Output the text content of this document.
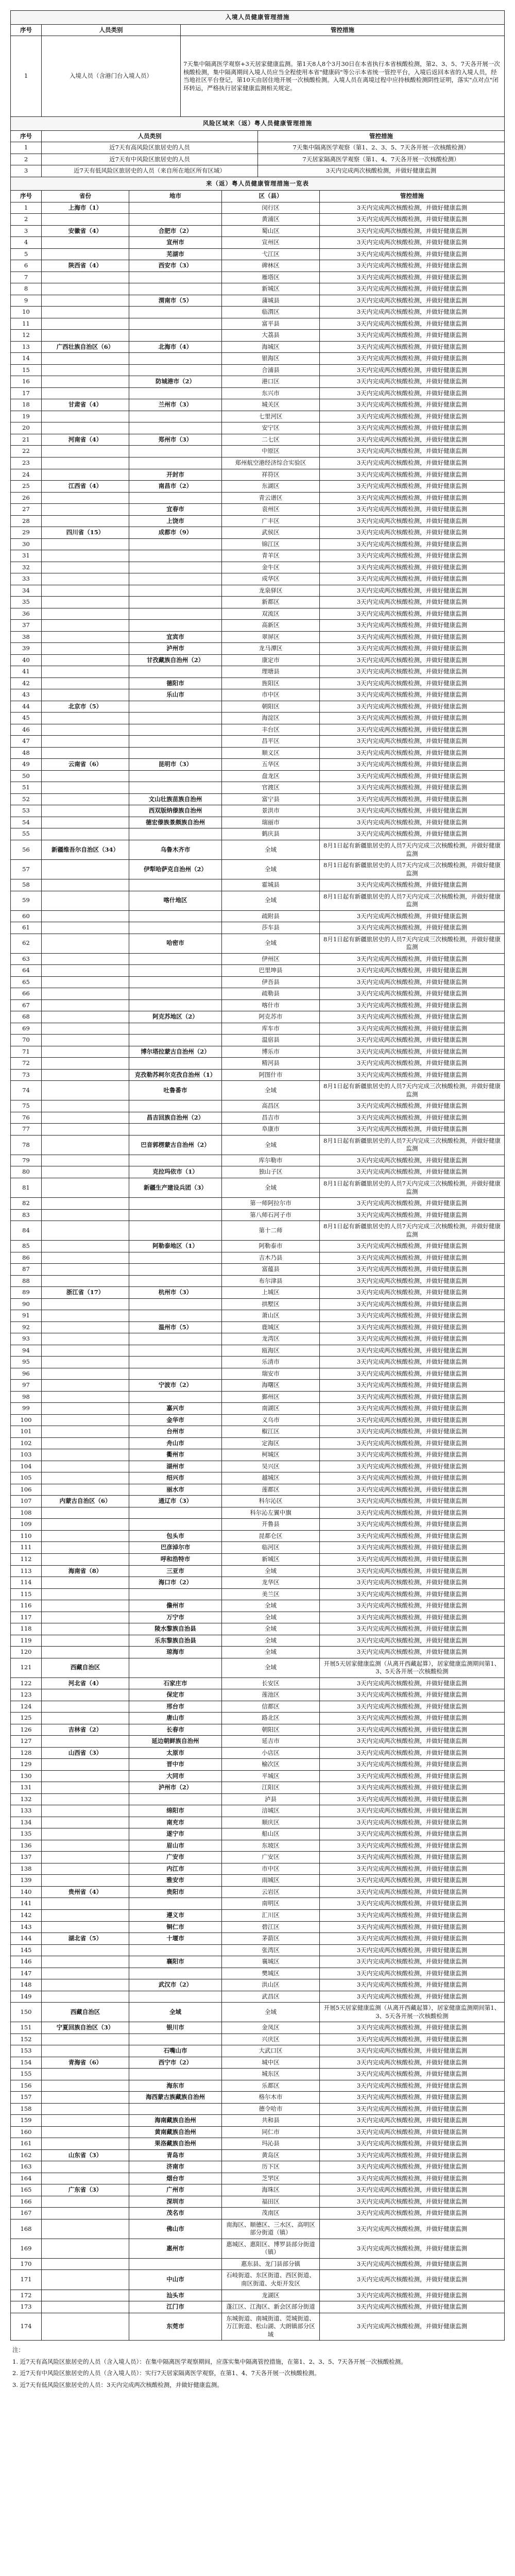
入境人员健康管理措施		
序号	人员类别	管控措施
1	入境人员（含港门台入境人员）	7天集中隔离医学观察+3天居家健康监测。第1天8人8个3月30日在本省执行本省核酸检测，第2、3、5、7天各开展一次核酸检测，集中隔离期间入境人员应当全程使用本省"健康码"等公示本省统一管控平台，入境后返回本省的入境人员，经当地社区平台登记，第10天由居住地开展一次核酸检测。入境人员在离境过程中应持核酸检测阴性证明，落实"点对点"闭环转运，严格执行居家健康监测相关规定。
风险区域来（返）粤人员健康管理措施		
序号	人员类别	管控措施
1	近7天有高风险区旅居史的人员	7天集中隔离医学观察（第1、2、3、5、7天各开展一次核酸检测）
2	近7天有中风险区旅居史的人员	7天居家隔离医学观察（第1、4、7天各开展一次核酸检测）
3	近7天有低风险区旅居史的人员（来自所在地区所有区域）	3天内完成两次核酸检测，并做好健康监测
来（返）粤人员健康管理措施一览表				
序号	省份	地市	区（县）	管控措施
1	上海市（1）		闵行区	3天内完成两次核酸检测，并做好健康监测
2			黄浦区	3天内完成两次核酸检测，并做好健康监测
3	安徽省（4）	合肥市（2）	蜀山区	3天内完成两次核酸检测，并做好健康监测
4		宣州市	宣州区	3天内完成两次核酸检测，并做好健康监测
5		芜湖市	弋江区	3天内完成两次核酸检测，并做好健康监测
6	陕西省（4）	西安市（3）	碑林区	3天内完成两次核酸检测，并做好健康监测
7			雁塔区	3天内完成两次核酸检测，并做好健康监测
8			新城区	3天内完成两次核酸检测，并做好健康监测
9		渭南市（5）	蒲城县	3天内完成两次核酸检测，并做好健康监测
10			临渭区	3天内完成两次核酸检测，并做好健康监测
11			富平县	3天内完成两次核酸检测，并做好健康监测
12			大荔县	3天内完成两次核酸检测，并做好健康监测
13	广西壮族自治区（6）	北海市（4）	海城区	3天内完成两次核酸检测，并做好健康监测
14			银海区	3天内完成两次核酸检测，并做好健康监测
15			合浦县	3天内完成两次核酸检测，并做好健康监测
16		防城港市（2）	港口区	3天内完成两次核酸检测，并做好健康监测
17			东兴市	3天内完成两次核酸检测，并做好健康监测
18	甘肃省（4）	兰州市（3）	城关区	3天内完成两次核酸检测，并做好健康监测
19			七里河区	3天内完成两次核酸检测，并做好健康监测
20			安宁区	3天内完成两次核酸检测，并做好健康监测
21	河南省（4）	郑州市（3）	二七区	3天内完成两次核酸检测，并做好健康监测
22			中原区	3天内完成两次核酸检测，并做好健康监测
23			郑州航空港经济综合实验区	3天内完成两次核酸检测，并做好健康监测
24		开封市	祥符区	3天内完成两次核酸检测，并做好健康监测
25	江西省（4）	南昌市（2）	东湖区	3天内完成两次核酸检测，并做好健康监测
26			青云谱区	3天内完成两次核酸检测，并做好健康监测
27		宜春市	袁州区	3天内完成两次核酸检测，并做好健康监测
28		上饶市	广丰区	3天内完成两次核酸检测，并做好健康监测
29	四川省（15）	成都市（9）	武侯区	3天内完成两次核酸检测，并做好健康监测
30			锦江区	3天内完成两次核酸检测，并做好健康监测
31			青羊区	3天内完成两次核酸检测，并做好健康监测
32			金牛区	3天内完成两次核酸检测，并做好健康监测
33			成华区	3天内完成两次核酸检测，并做好健康监测
34			龙泉驿区	3天内完成两次核酸检测，并做好健康监测
35			新都区	3天内完成两次核酸检测，并做好健康监测
36			双流区	3天内完成两次核酸检测，并做好健康监测
37			高新区	3天内完成两次核酸检测，并做好健康监测
38		宜宾市	翠屏区	3天内完成两次核酸检测，并做好健康监测
39		泸州市	龙马潭区	3天内完成两次核酸检测，并做好健康监测
40		甘孜藏族自治州（2）	康定市	3天内完成两次核酸检测，并做好健康监测
41			理塘县	3天内完成两次核酸检测，并做好健康监测
42		德阳市	旌阳区	3天内完成两次核酸检测，并做好健康监测
43		乐山市	市中区	3天内完成两次核酸检测，并做好健康监测
44	北京市（5）		朝阳区	3天内完成两次核酸检测，并做好健康监测
45			海淀区	3天内完成两次核酸检测，并做好健康监测
46			丰台区	3天内完成两次核酸检测，并做好健康监测
47			昌平区	3天内完成两次核酸检测，并做好健康监测
48			顺义区	3天内完成两次核酸检测，并做好健康监测
49	云南省（6）	昆明市（3）	五华区	3天内完成两次核酸检测，并做好健康监测
50			盘龙区	3天内完成两次核酸检测，并做好健康监测
51			官渡区	3天内完成两次核酸检测，并做好健康监测
52		文山壮族苗族自治州	富宁县	3天内完成两次核酸检测，并做好健康监测
53		西双版纳傣族自治州	景洪市	3天内完成两次核酸检测，并做好健康监测
54		德宏傣族景颇族自治州	瑞丽市	3天内完成两次核酸检测，并做好健康监测
55			鹤庆县	3天内完成两次核酸检测，并做好健康监测
56	新疆维吾尔自治区（34）	乌鲁木齐市	全域	8月1日起有新疆旅居史的人员7天内完成三次核酸检测，并做好健康监测
57		伊犁哈萨克自治州（2）	全域	8月1日起有新疆旅居史的人员7天内完成三次核酸检测，并做好健康监测
58			霍城县	3天内完成两次核酸检测，并做好健康监测
59		喀什地区	全域	8月1日起有新疆旅居史的人员7天内完成三次核酸检测，并做好健康监测
60			疏附县	3天内完成两次核酸检测，并做好健康监测
61			莎车县	3天内完成两次核酸检测，并做好健康监测
62		哈密市	全域	8月1日起有新疆旅居史的人员7天内完成三次核酸检测，并做好健康监测
63			伊州区	3天内完成两次核酸检测，并做好健康监测
64			巴里坤县	3天内完成两次核酸检测，并做好健康监测
65			伊吾县	3天内完成两次核酸检测，并做好健康监测
66			疏勒县	3天内完成两次核酸检测，并做好健康监测
67			喀什市	3天内完成两次核酸检测，并做好健康监测
68		阿克苏地区（2）	阿克苏市	3天内完成两次核酸检测，并做好健康监测
69			库车市	3天内完成两次核酸检测，并做好健康监测
70			温宿县	3天内完成两次核酸检测，并做好健康监测
71		博尔塔拉蒙古自治州（2）	博乐市	3天内完成两次核酸检测，并做好健康监测
72			精河县	3天内完成两次核酸检测，并做好健康监测
73		克孜勒苏柯尔克孜自治州（1）	阿图什市	3天内完成两次核酸检测，并做好健康监测
74		吐鲁番市	全域	8月1日起有新疆旅居史的人员7天内完成三次核酸检测，并做好健康监测
75			高昌区	3天内完成两次核酸检测，并做好健康监测
76		昌吉回族自治州（2）	昌吉市	3天内完成两次核酸检测，并做好健康监测
77			阜康市	3天内完成两次核酸检测，并做好健康监测
78		巴音郭楞蒙古自治州（2）	全域	8月1日起有新疆旅居史的人员7天内完成三次核酸检测，并做好健康监测
79			库尔勒市	3天内完成两次核酸检测，并做好健康监测
80		克拉玛依市（1）	独山子区	3天内完成两次核酸检测，并做好健康监测
81		新疆生产建设兵团（3）	全域	8月1日起有新疆旅居史的人员7天内完成三次核酸检测，并做好健康监测
82			第一师阿拉尔市	3天内完成两次核酸检测，并做好健康监测
83			第八师石河子市	3天内完成两次核酸检测，并做好健康监测
84			第十二师	8月1日起有新疆旅居史的人员7天内完成三次核酸检测，并做好健康监测
85		阿勒泰地区（1）	阿勒泰市	3天内完成两次核酸检测，并做好健康监测
86			吉木乃县	3天内完成两次核酸检测，并做好健康监测
87			富蕴县	3天内完成两次核酸检测，并做好健康监测
88			布尔津县	3天内完成两次核酸检测，并做好健康监测
89	浙江省（17）	杭州市（3）	上城区	3天内完成两次核酸检测，并做好健康监测
90			拱墅区	3天内完成两次核酸检测，并做好健康监测
91			萧山区	3天内完成两次核酸检测，并做好健康监测
92		温州市（5）	鹿城区	3天内完成两次核酸检测，并做好健康监测
93			龙湾区	3天内完成两次核酸检测，并做好健康监测
94			瓯海区	3天内完成两次核酸检测，并做好健康监测
95			乐清市	3天内完成两次核酸检测，并做好健康监测
96			瑞安市	3天内完成两次核酸检测，并做好健康监测
97		宁波市（2）	海曙区	3天内完成两次核酸检测，并做好健康监测
98			鄞州区	3天内完成两次核酸检测，并做好健康监测
99		嘉兴市	南湖区	3天内完成两次核酸检测，并做好健康监测
100		金华市	义乌市	3天内完成两次核酸检测，并做好健康监测
101		台州市	椒江区	3天内完成两次核酸检测，并做好健康监测
102		舟山市	定海区	3天内完成两次核酸检测，并做好健康监测
103		衢州市	柯城区	3天内完成两次核酸检测，并做好健康监测
104		湖州市	吴兴区	3天内完成两次核酸检测，并做好健康监测
105		绍兴市	越城区	3天内完成两次核酸检测，并做好健康监测
106		丽水市	莲都区	3天内完成两次核酸检测，并做好健康监测
107	内蒙古自治区（6）	通辽市（3）	科尔沁区	3天内完成两次核酸检测，并做好健康监测
108			科尔沁左翼中旗	3天内完成两次核酸检测，并做好健康监测
109			开鲁县	3天内完成两次核酸检测，并做好健康监测
110		包头市	昆都仑区	3天内完成两次核酸检测，并做好健康监测
111		巴彦淖尔市	临河区	3天内完成两次核酸检测，并做好健康监测
112		呼和浩特市	新城区	3天内完成两次核酸检测，并做好健康监测
113	海南省（8）	三亚市	全域	3天内完成两次核酸检测，并做好健康监测
114		海口市（2）	龙华区	3天内完成两次核酸检测，并做好健康监测
115			美兰区	3天内完成两次核酸检测，并做好健康监测
116		儋州市	全域	3天内完成两次核酸检测，并做好健康监测
117		万宁市	全域	3天内完成两次核酸检测，并做好健康监测
118		陵水黎族自治县	全域	3天内完成两次核酸检测，并做好健康监测
119		乐东黎族自治县	全域	3天内完成两次核酸检测，并做好健康监测
120		琼海市	全域	3天内完成两次核酸检测，并做好健康监测
121	西藏自治区		全域	开展5天居家健康监测（从离开西藏起算），居家健康监测期间第1、3、5天各开展一次核酸检测
122	河北省（4）	石家庄市	长安区	3天内完成两次核酸检测，并做好健康监测
123		保定市	莲池区	3天内完成两次核酸检测，并做好健康监测
124		邢台市	信都区	3天内完成两次核酸检测，并做好健康监测
125		唐山市	路北区	3天内完成两次核酸检测，并做好健康监测
126	吉林省（2）	长春市	朝阳区	3天内完成两次核酸检测，并做好健康监测
127		延边朝鲜族自治州	延吉市	3天内完成两次核酸检测，并做好健康监测
128	山西省（3）	太原市	小店区	3天内完成两次核酸检测，并做好健康监测
129		晋中市	榆次区	3天内完成两次核酸检测，并做好健康监测
130		大同市	平城区	3天内完成两次核酸检测，并做好健康监测
131		泸州市（2）	江阳区	3天内完成两次核酸检测，并做好健康监测
132			泸县	3天内完成两次核酸检测，并做好健康监测
133		绵阳市	涪城区	3天内完成两次核酸检测，并做好健康监测
134		南充市	顺庆区	3天内完成两次核酸检测，并做好健康监测
135		遂宁市	船山区	3天内完成两次核酸检测，并做好健康监测
136		眉山市	东坡区	3天内完成两次核酸检测，并做好健康监测
137		广安市	广安区	3天内完成两次核酸检测，并做好健康监测
138		内江市	市中区	3天内完成两次核酸检测，并做好健康监测
139		雅安市	雨城区	3天内完成两次核酸检测，并做好健康监测
140	贵州省（4）	贵阳市	云岩区	3天内完成两次核酸检测，并做好健康监测
141			南明区	3天内完成两次核酸检测，并做好健康监测
142		遵义市	汇川区	3天内完成两次核酸检测，并做好健康监测
143		铜仁市	碧江区	3天内完成两次核酸检测，并做好健康监测
144	湖北省（5）	十堰市	茅箭区	3天内完成两次核酸检测，并做好健康监测
145			张湾区	3天内完成两次核酸检测，并做好健康监测
146		襄阳市	襄城区	3天内完成两次核酸检测，并做好健康监测
147			樊城区	3天内完成两次核酸检测，并做好健康监测
148		武汉市（2）	洪山区	3天内完成两次核酸检测，并做好健康监测
149			武昌区	3天内完成两次核酸检测，并做好健康监测
150	西藏自治区	全域	全域	开展5天居家健康监测（从离开西藏起算），居家健康监测期间第1、3、5天各开展一次核酸检测
151	宁夏回族自治区（3）	银川市	金凤区	3天内完成两次核酸检测，并做好健康监测
152			兴庆区	3天内完成两次核酸检测，并做好健康监测
153		石嘴山市	大武口区	3天内完成两次核酸检测，并做好健康监测
154	青海省（6）	西宁市（2）	城中区	3天内完成两次核酸检测，并做好健康监测
155			城东区	3天内完成两次核酸检测，并做好健康监测
156		海东市	乐都区	3天内完成两次核酸检测，并做好健康监测
157		海西蒙古族藏族自治州	格尔木市	3天内完成两次核酸检测，并做好健康监测
158			德令哈市	3天内完成两次核酸检测，并做好健康监测
159		海南藏族自治州	共和县	3天内完成两次核酸检测，并做好健康监测
160		黄南藏族自治州	同仁市	3天内完成两次核酸检测，并做好健康监测
161		果洛藏族自治州	玛沁县	3天内完成两次核酸检测，并做好健康监测
162	山东省（3）	青岛市	黄岛区	3天内完成两次核酸检测，并做好健康监测
163		济南市	历下区	3天内完成两次核酸检测，并做好健康监测
164		烟台市	芝罘区	3天内完成两次核酸检测，并做好健康监测
165	广东省（3）	广州市	海珠区	3天内完成两次核酸检测，并做好健康监测
166		深圳市	福田区	3天内完成两次核酸检测，并做好健康监测
167		茂名市	茂南区	3天内完成两次核酸检测，并做好健康监测
168		佛山市	南海区、顺德区、三水区、高明区部分街道（镇）	3天内完成两次核酸检测，并做好健康监测
169		惠州市	惠城区、惠阳区、博罗县部分街道（镇）	3天内完成两次核酸检测，并做好健康监测
170			惠东县、龙门县部分镇	3天内完成两次核酸检测，并做好健康监测
171		中山市	石岐街道、东区街道、西区街道、南区街道、火炬开发区	3天内完成两次核酸检测，并做好健康监测
172		汕头市	龙湖区	3天内完成两次核酸检测，并做好健康监测
173		江门市	蓬江区、江海区、新会区部分街道	3天内完成两次核酸检测，并做好健康监测
174		东莞市	东城街道、南城街道、莞城街道、万江街道、松山湖、大朗镇部分区域	3天内完成两次核酸检测，并做好健康监测
注：
1. 近7天有高风险区旅居史的人员（含入境人员）：在集中隔离医学观察期间，应落实集中隔离管控措施，在第1、2、3、5、7天各开展一次核酸检测。
2. 近7天有中风险区旅居史的人员（含入境人员）：实行7天居家隔离医学观察，在第1、4、7天各开展一次核酸检测。
3. 近7天有低风险区旅居史的人员：3天内完成两次核酸检测，并做好健康监测。
